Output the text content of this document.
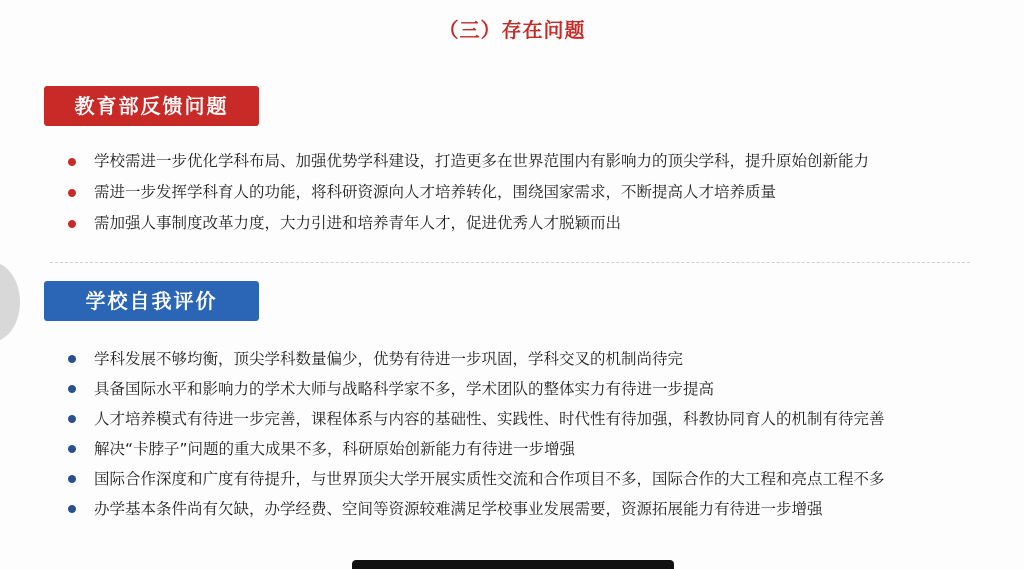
（三）存在问题
教育部反馈问题
学校需进一步优化学科布局、加强优势学科建设，打造更多在世界范围内有影响力的顶尖学科，提升原始创新能力
需进一步发挥学科育人的功能，将科研资源向人才培养转化，围绕国家需求，不断提高人才培养质量
需加强人事制度改革力度，大力引进和培养青年人才，促进优秀人才脱颖而出
学校自我评价
学科发展不够均衡，顶尖学科数量偏少，优势有待进一步巩固，学科交叉的机制尚待完
具备国际水平和影响力的学术大师与战略科学家不多，学术团队的整体实力有待进一步提高
人才培养模式有待进一步完善，课程体系与内容的基础性、实践性、时代性有待加强，科教协同育人的机制有待完善
解决“卡脖子”问题的重大成果不多，科研原始创新能力有待进一步增强
国际合作深度和广度有待提升，与世界顶尖大学开展实质性交流和合作项目不多，国际合作的大工程和亮点工程不多
办学基本条件尚有欠缺，办学经费、空间等资源较难满足学校事业发展需要，资源拓展能力有待进一步增强
